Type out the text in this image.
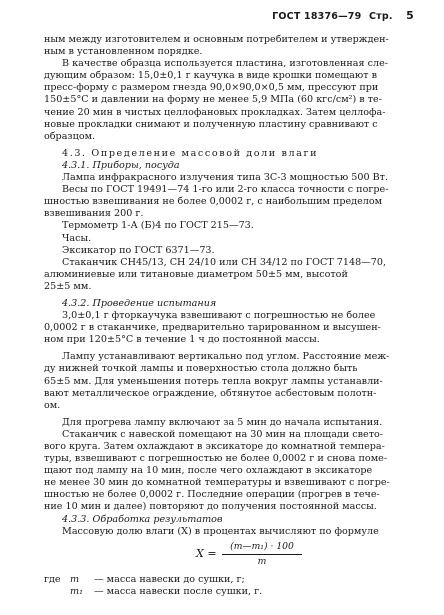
ГОСТ 18376—79 Стр. 5

ным между изготовителем и основным потребителем и утвержден-

ным в установленном порядке.

В качестве образца используется пластина, изготовленная сле-

дующим образом: 15,0±0,1 г каучука в виде крошки помещают в

пресс-форму с размером гнезда 90,0×90,0×0,5 мм, прессуют при

150±5°С и давлении на форму не менее 5,9 МПа (60 кгс/см²) в те-

чение 20 мин в чистых целлофановых прокладках. Затем целлофа-

новые прокладки снимают и полученную пластину сравнивают с

образцом.

4.3. Определение массовой доли влаги

4.3.1. Приборы, посуда

Лампа инфракрасного излучения типа ЗС-3 мощностью 500 Вт.

Весы по ГОСТ 19491—74 1-го или 2-го класса точности с погре-

шностью взвешивания не более 0,0002 г, с наибольшим пределом

взвешивания 200 г.

Термометр 1-А (Б)4 по ГОСТ 215—73.

Часы.

Эксикатор по ГОСТ 6371—73.

Стаканчик СН45/13, СН 24/10 или СН 34/12 по ГОСТ 7148—70,

алюминиевые или титановые диаметром 50±5 мм, высотой

25±5 мм.

4.3.2. Проведение испытания

3,0±0,1 г фторкаучука взвешивают с погрешностью не более

0,0002 г в стаканчике, предварительно тарированном и высушен-

ном при 120±5°С в течение 1 ч до постоянной массы.

Лампу устанавливают вертикально под углом. Расстояние меж-

ду нижней точкой лампы и поверхностью стола должно быть

65±5 мм. Для уменьшения потерь тепла вокруг лампы устанавли-

вают металлическое ограждение, обтянутое асбестовым полотн-

ом.

Для прогрева лампу включают за 5 мин до начала испытания.

Стаканчик с навеской помещают на 30 мин на площади свето-

вого круга. Затем охлаждают в эксикаторе до комнатной темпера-

туры, взвешивают с погрешностью не более 0,0002 г и снова поме-

щают под лампу на 10 мин, после чего охлаждают в эксикаторе

не менее 30 мин до комнатной температуры и взвешивают с погре-

шностью не более 0,0002 г. Последние операции (прогрев в тече-

ние 10 мин и далее) повторяют до получения постоянной массы.

4.3.3. Обработка результатов

Массовую долю влаги (X) в процентах вычисляют по формуле

$X = \frac{\text{(m—m₁) · 100}}{m}$
где m — масса навески до сушки, г;
m₁ — масса навески после сушки, г.
